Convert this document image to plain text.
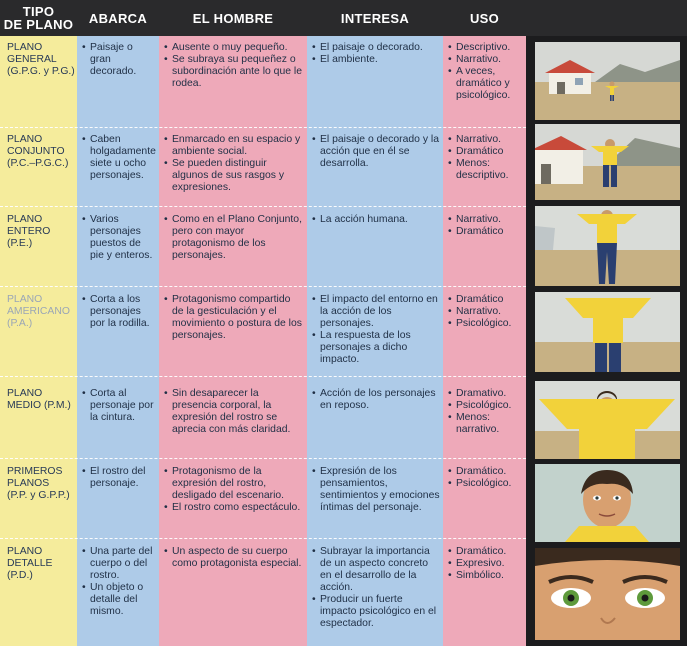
TIPO
DE PLANO	ABARCA	EL HOMBRE	INTERESA	USO
PLANO
GENERAL
(G.P.G. y P.G.)
• Paisaje o gran decorado.
• Ausente o muy pequeño.
• Se subraya su pequeñez o subordinación ante lo que le rodea.
• El paisaje o decorado.
• El ambiente.
• Descriptivo.
• Narrativo.
• A veces, dramático y psicológico.
PLANO
CONJUNTO
(P.C.–P.G.C.)
• Caben holgadamente siete u ocho personajes.
• Enmarcado en su espacio y ambiente social.
• Se pueden distinguir algunos de sus rasgos y expresiones.
• El paisaje o decorado y la acción que en él se desarrolla.
• Narrativo.
• Dramático
• Menos: descriptivo.
PLANO
ENTERO (P.E.)
• Varios personajes puestos de pie y enteros.
• Como en el Plano Conjunto, pero con mayor protagonismo de los personajes.
• La acción humana.
•	Narrativo.
• Dramático
PLANO
AMERICANO
(P.A.)
• Corta a los personajes por la rodilla.
• Protagonismo compartido de la gesticulación y el movimiento o postura de los personajes.
• El impacto del entorno en la acción de los personajes.
• La respuesta de los personajes a dicho impacto.
• Dramático
• Narrativo.
• Psicológico.
PLANO
MEDIO (P.M.)
• Corta al personaje por la cintura.
• Sin desaparecer la presencia corporal, la expresión del rostro se aprecia con más claridad.
• Acción de los personajes en reposo.
• Dramativo.
• Psicológico.
• Menos: narrativo.
PRIMEROS
PLANOS
(P.P. y G.P.P.)
• El rostro del personaje.
• Protagonismo de la expresión del rostro, desligado del escenario.
• El rostro como espectáculo.
• Expresión de los pensamientos, sentimientos y emociones íntimas del personaje.
• Dramático.
• Psicológico.
PLANO
DETALLE (P.D.)
• Una parte del cuerpo o del rostro.
• Un objeto o detalle del mismo.
• Un aspecto de su cuerpo como protagonista especial.
• Subrayar la importancia de un aspecto concreto en el desarrollo de la acción.
• Producir un fuerte impacto psicológico en el espectador.
• Dramático.
• Expresivo.
• Simbólico.
